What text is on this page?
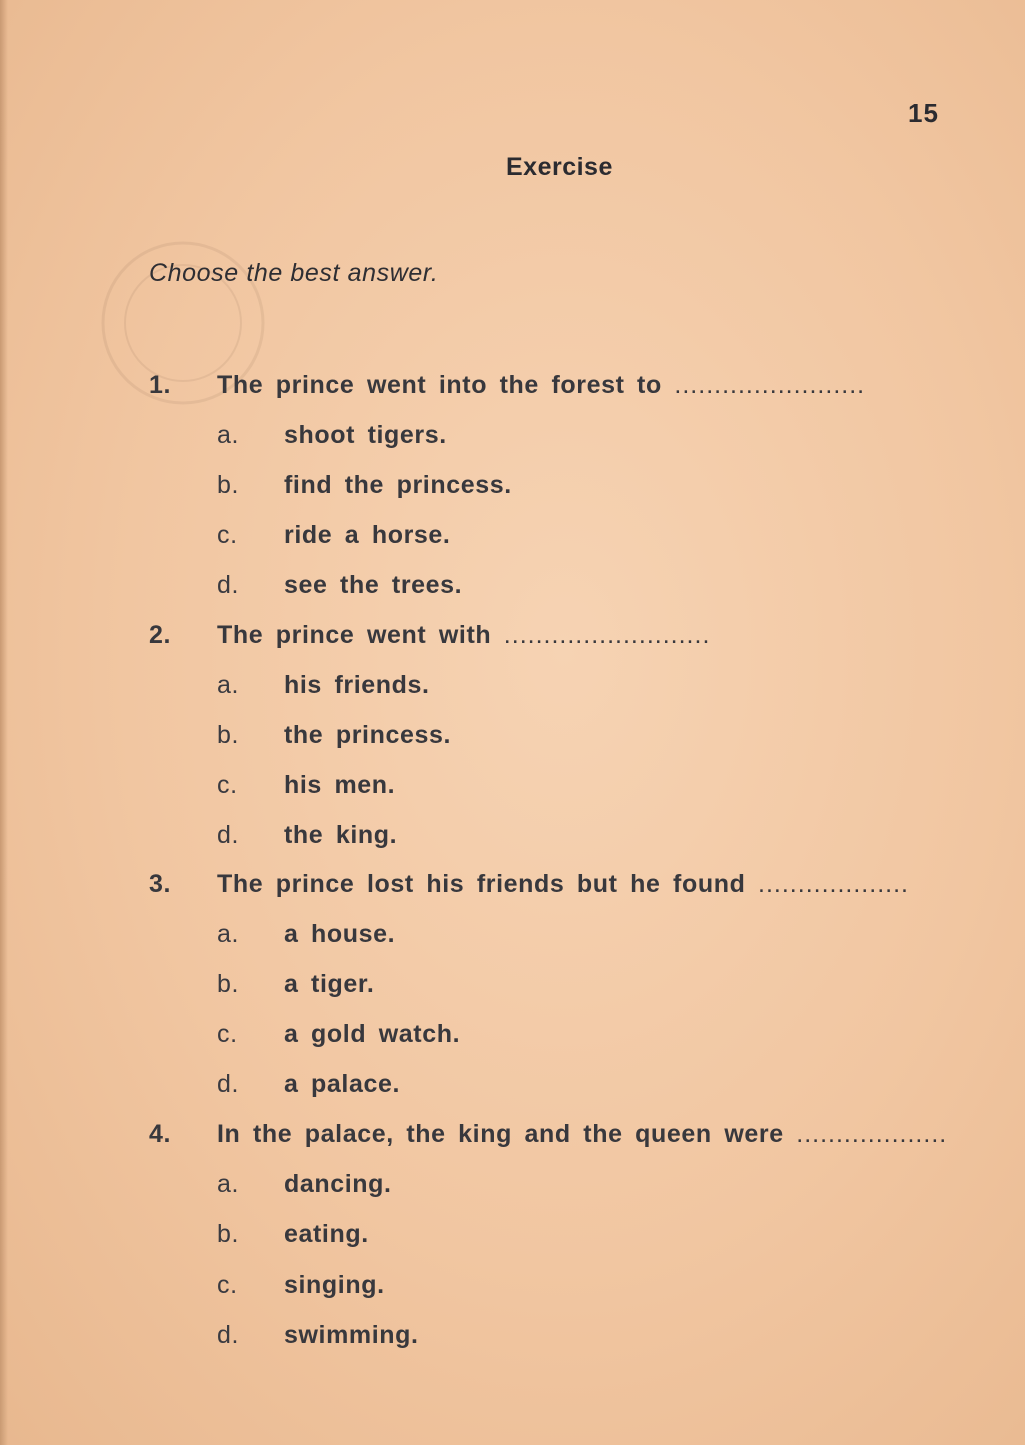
15
Exercise
Choose the best answer.
1. The prince went into the forest to ........................
a. shoot tigers.
b. find the princess.
c. ride a horse.
d. see the trees.
2. The prince went with ..........................
a. his friends.
b. the princess.
c. his men.
d. the king.
3. The prince lost his friends but he found ...................
a. a house.
b. a tiger.
c. a gold watch.
d. a palace.
4. In the palace, the king and the queen were ...................
a. dancing.
b. eating.
c. singing.
d. swimming.
